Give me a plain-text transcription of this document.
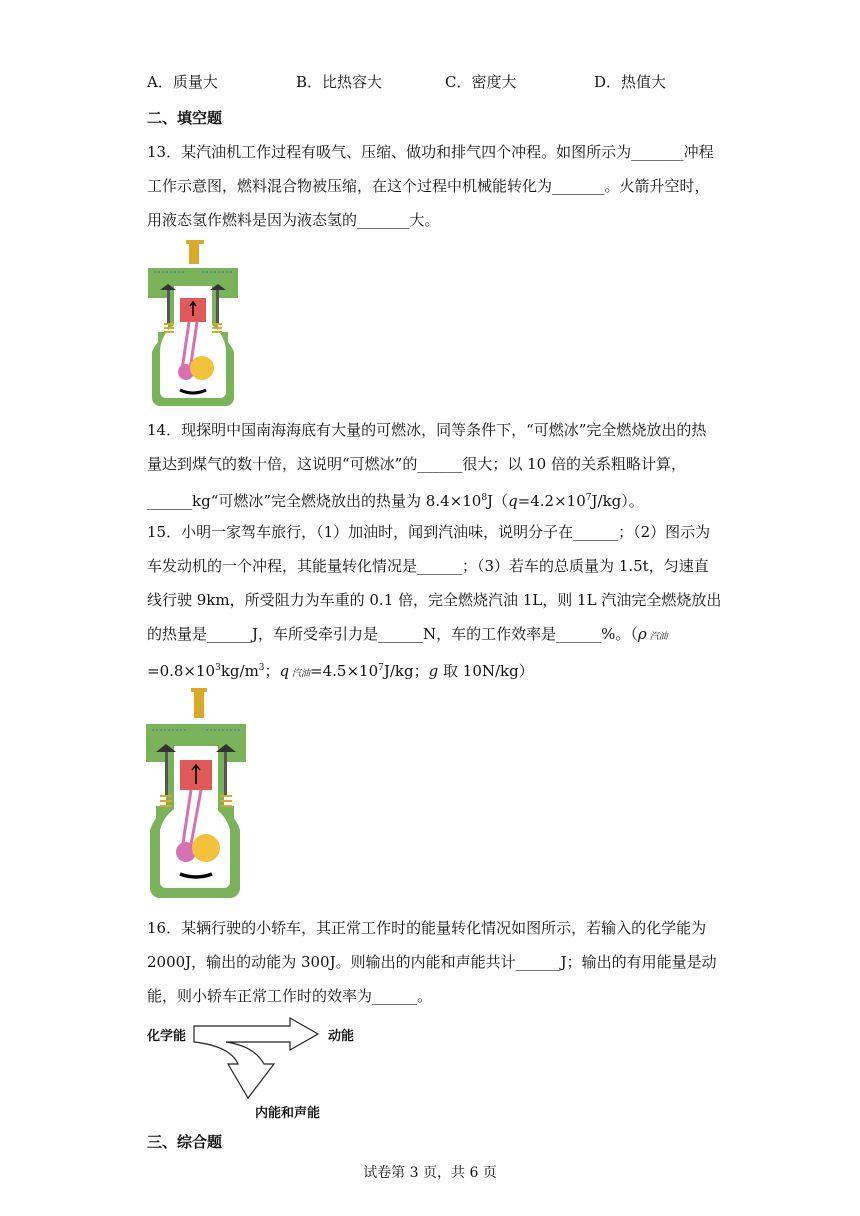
A．质量大	B．比热容大	C．密度大	D．热值大
二、填空题
13．某汽油机工作过程有吸气、压缩、做功和排气四个冲程。如图所示为_______冲程
工作示意图，燃料混合物被压缩，在这个过程中机械能转化为_______。火箭升空时，
用液态氢作燃料是因为液态氢的_______大。
14．现探明中国南海海底有大量的可燃冰，同等条件下，“可燃冰”完全燃烧放出的热
量达到煤气的数十倍，这说明“可燃冰”的______很大；以 10 倍的关系粗略计算，
______kg“可燃冰”完全燃烧放出的热量为 $8.4\times 10^8J(q=4.2\times 10^7J/kg)$。
15．小明一家驾车旅行，（1）加油时，闻到汽油味，说明分子在______；（2）图示为
车发动机的一个冲程，其能量转化情况是______；（3）若车的总质量为 1.5t，匀速直
线行驶 9km，所受阻力为车重的 0.1 倍，完全燃烧汽油 1L，则 1L 汽油完全燃烧放出
的热量是______J，车所受牵引力是______N，车的工作效率是______%。（ρ 汽油
$=0.8\times 10^3kg/m^3$；q 汽油$=4.5\times 10^7J/kg$；g 取 10N/kg）
16．某辆行驶的小轿车，其正常工作时的能量转化情况如图所示，若输入的化学能为
2000J，输出的动能为 300J。则输出的内能和声能共计______J；输出的有用能量是动
能，则小轿车正常工作时的效率为______。
化学能	动能
内能和声能
三、综合题
试卷第 3 页，共 6 页
